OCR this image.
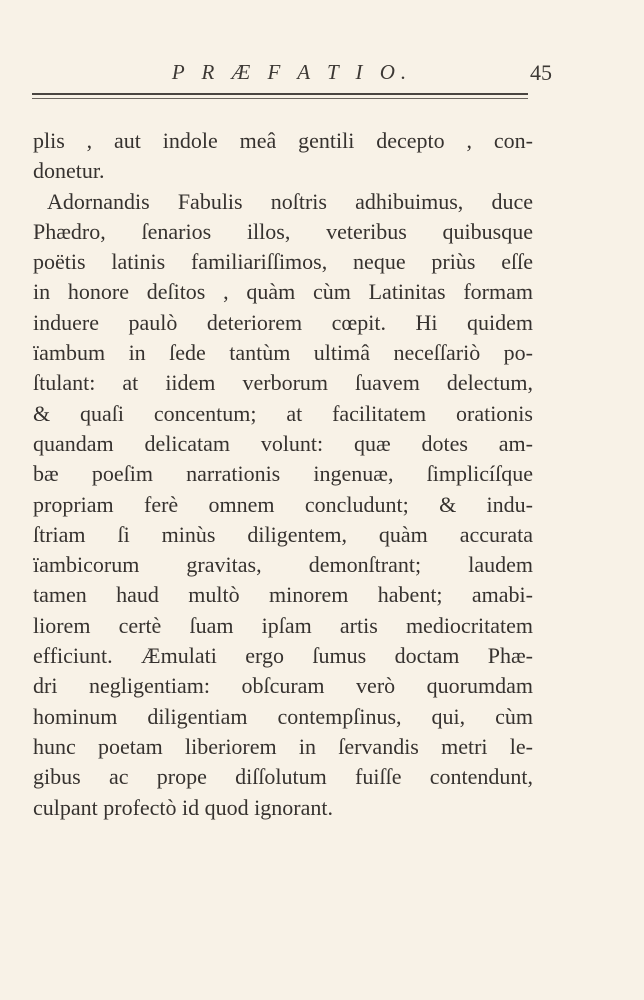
P R Æ F A T I O.	45
plis , aut indole meâ gentili decepto , con-
donetur.
Adornandis Fabulis noſtris adhibuimus, duce
Phædro, ſenarios illos, veteribus quibusque
poëtis latinis familiariſſimos, neque priùs eſſe
in honore deſitos , quàm cùm Latinitas formam
induere paulò deteriorem cœpit. Hi quidem
ïambum in ſede tantùm ultimâ neceſſariò po-
ſtulant: at iidem verborum ſuavem delectum,
& quaſi concentum; at facilitatem orationis
quandam delicatam volunt: quæ dotes am-
bæ poeſim narrationis ingenuæ, ſimplicíſque
propriam ferè omnem concludunt; & indu-
ſtriam ſi minùs diligentem, quàm accurata
ïambicorum gravitas, demonſtrant; laudem
tamen haud multò minorem habent; amabi-
liorem certè ſuam ipſam artis mediocritatem
efficiunt. Æmulati ergo ſumus doctam Phæ-
dri negligentiam: obſcuram verò quorumdam
hominum diligentiam contempſinus, qui, cùm
hunc poetam liberiorem in ſervandis metri le-
gibus ac prope diſſolutum fuiſſe contendunt,
culpant profectò id quod ignorant.
